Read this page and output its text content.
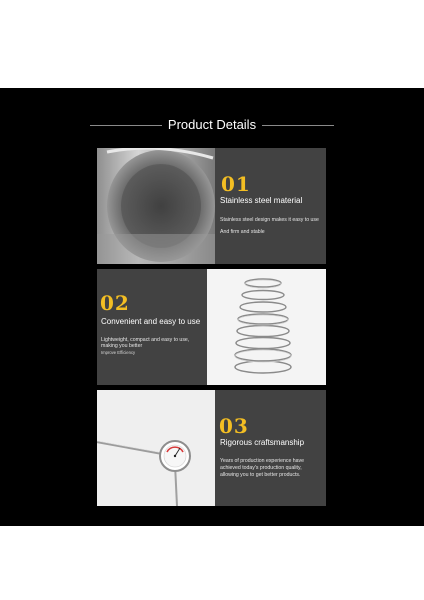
Product Details
01
Stainless steel material
Stainless steel design makes it easy to use
And firm and stable
02
Convenient and easy to use
Lightweight, compact and easy to use,
making you better
Improve Efficiency
03
Rigorous craftsmanship
Years of production experience have
achieved today's production quality,
allowing you to get better products.
